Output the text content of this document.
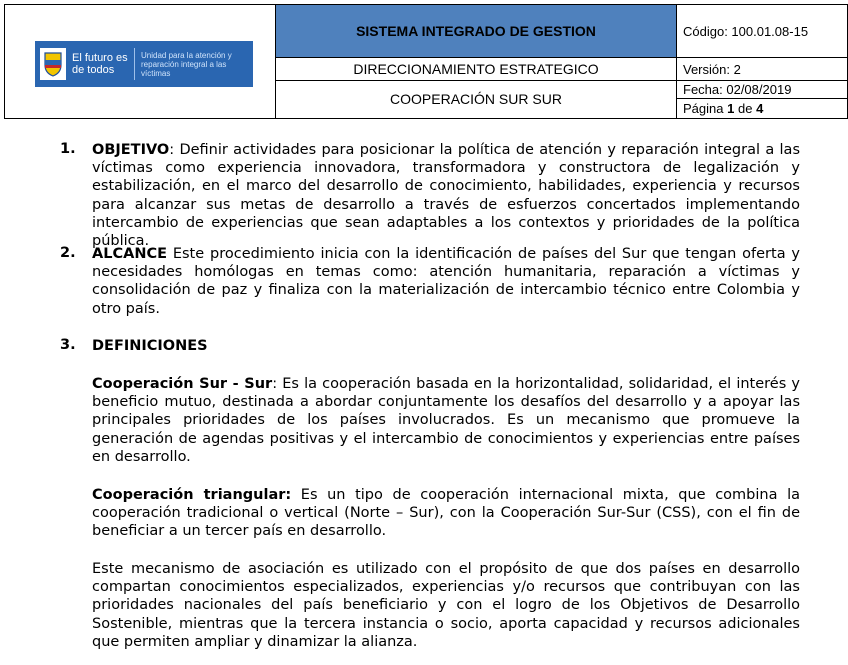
El futuro es de todos
Unidad para la atención y reparación integral a las víctimas	SISTEMA INTEGRADO DE GESTION	Código: 100.01.08-15
	DIRECCIONAMIENTO ESTRATEGICO	Versión: 2
	COOPERACIÓN SUR SUR	Fecha: 02/08/2019
		Página 1 de 4
1. OBJETIVO: Definir actividades para posicionar la política de atención y reparación integral a las víctimas como experiencia innovadora, transformadora y constructora de legalización y estabilización, en el marco del desarrollo de conocimiento, habilidades, experiencia y recursos para alcanzar sus metas de desarrollo a través de esfuerzos concertados implementando intercambio de experiencias que sean adaptables a los contextos y prioridades de la política pública.
2. ALCANCE Este procedimiento inicia con la identificación de países del Sur que tengan oferta y necesidades homólogas en temas como: atención humanitaria, reparación a víctimas y consolidación de paz y finaliza con la materialización de intercambio técnico entre Colombia y otro país.
3. DEFINICIONES
Cooperación Sur - Sur: Es la cooperación basada en la horizontalidad, solidaridad, el interés y beneficio mutuo, destinada a abordar conjuntamente los desafíos del desarrollo y a apoyar las principales prioridades de los países involucrados. Es un mecanismo que promueve la generación de agendas positivas y el intercambio de conocimientos y experiencias entre países en desarrollo.
Cooperación triangular: Es un tipo de cooperación internacional mixta, que combina la cooperación tradicional o vertical (Norte – Sur), con la Cooperación Sur-Sur (CSS), con el fin de beneficiar a un tercer país en desarrollo.
Este mecanismo de asociación es utilizado con el propósito de que dos países en desarrollo compartan conocimientos especializados, experiencias y/o recursos que contribuyan con las prioridades nacionales del país beneficiario y con el logro de los Objetivos de Desarrollo Sostenible, mientras que la tercera instancia o socio, aporta capacidad y recursos adicionales que permiten ampliar y dinamizar la alianza.
